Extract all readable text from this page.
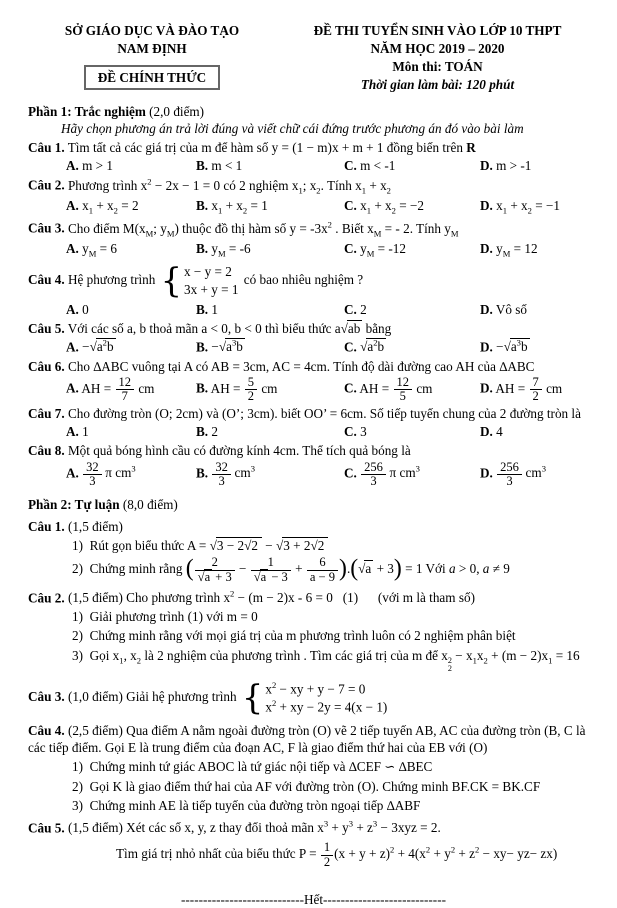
SỞ GIÁO DỤC VÀ ĐÀO TẠO
NAM ĐỊNH
ĐỀ CHÍNH THỨC
ĐỀ THI TUYỂN SINH VÀO LỚP 10 THPT
NĂM HỌC 2019 – 2020
Môn thi: TOÁN
Thời gian làm bài: 120 phút
Phần 1: Trắc nghiệm (2,0 điểm)
Hãy chọn phương án trả lời đúng và viết chữ cái đứng trước phương án đó vào bài làm
Câu 1. Tìm tất cả các giá trị của m để hàm số y = (1 − m)x + m + 1 đồng biến trên R
A. m > 1	B. m < 1	C. m < -1	D. m > -1
Câu 2. Phương trình $x^2 - 2x - 1 = 0$ có 2 nghiệm $x_1$; $x_2$. Tính $x_1 + x_2$
A. $x_1 + x_2 = 2$	B. $x_1 + x_2 = 1$	C. $x_1 + x_2 = -2$	D. $x_1 + x_2 = -1$
Câu 3. Cho điểm $M(x_M$; $y_M$) thuộc đồ thị hàm số $y = -3x^2$ . Biết $x_M$ = - 2. Tính $y_M$
A. $y_M = 6$	B. $y_M = -6$	C. $y_M = -12$	D. $y_M = 12$
Câu 4. Hệ phương trình { x − y = 2
3x + y = 1
có bao nhiêu nghiệm ?
A. 0	B. 1	C. 2	D. Vô số
Câu 5. Với các số a, b thoả mãn a < 0, b < 0 thì biểu thức a √ ab bằng
A. − √ $a^2b$	B. − √ $a^3b$	C. √ $a^2b$	D. − √ $a^3b$
Câu 6. Cho ∆ABC vuông tại A có AB = 3cm, AC = 4cm. Tính độ dài đường cao AH của ∆ABC
A. AH = $\frac{12}{7}$ cm	B. AH = $\frac{5}{2}$ cm	C. AH = $\frac{12}{5}$ cm	D. AH = $\frac{7}{2}$ cm
Câu 7. Cho đường tròn (O; 2cm) và (O’; 3cm). biết OO’ = 6cm. Số tiếp tuyến chung của 2 đường tròn là
A. 1	B. 2	C. 3	D. 4
Câu 8. Một quả bóng hình cầu có đường kính 4cm. Thể tích quả bóng là
A. $\frac{32}{3}$  π $cm^3$	B. $\frac{32}{3} cm^3$	C. $\frac{256}{3}$  π $cm^3$	D. $\frac{256}{3} cm^3$
Phần 2: Tự luận (8,0 điểm)
Câu 1. (1,5 điểm)
1)  Rút gọn biểu thức A = √ 3 − 2 √ 2 − √ 3 + 2 √ 2
2)  Chứng minh rằng ( 2
√ a + 3 − 1
√ $a - 3 + \frac{6}{a - 9}$ ).( √ a + 3) = 1 Với a > 0, a ≠ 9
Câu 2. (1,5 điểm) Cho phương trình $x^2 - (m - 2)x - 6 = 0$   (1)      (với m là tham số)
1)  Giải phương trình (1) với m = 0
2)  Chứng minh rằng với mọi giá trị của m phương trình luôn có 2 nghiệm phân biệt
3)  Gọi $x_1$, $x_2$ là 2 nghiệm của phương trình . Tìm các giá trị của m để x 2
2
− $x_1x_2 + (m - 2)x_1 = 16$
Câu 3. (1,0 điểm) Giải hệ phương trình { $x^2$ − xy + y − 7 = 0
$x^2$ + xy − 2y = 4(x − 1)
Câu 4. (2,5 điểm) Qua điểm A nằm ngoài đường tròn (O) vẽ 2 tiếp tuyến AB, AC của đường tròn (B, C là các tiếp điểm. Gọi E là trung điểm của đoạn AC, F là giao điểm thứ hai của EB với (O)
1)  Chứng minh tứ giác ABOC là tứ giác nội tiếp và ∆CEF ∽ ∆BEC
2)  Gọi K là giao điểm thứ hai của AF với đường tròn (O). Chứng minh BF.CK = BK.CF
3)  Chứng minh AE là tiếp tuyến của đường tròn ngoại tiếp ∆ABF
Câu 5. (1,5 điểm) Xét các số x, y, z thay đổi thoả mãn $x^3 + y^3 + z^3 - 3xyz = 2$.
Tìm giá trị nhỏ nhất của biểu thức $P = \frac{1}{2} (x + y + z)^2 + 4(x^2 + y^2 + z^2 - xy- yz- zx)$
----------------------------Hết----------------------------
